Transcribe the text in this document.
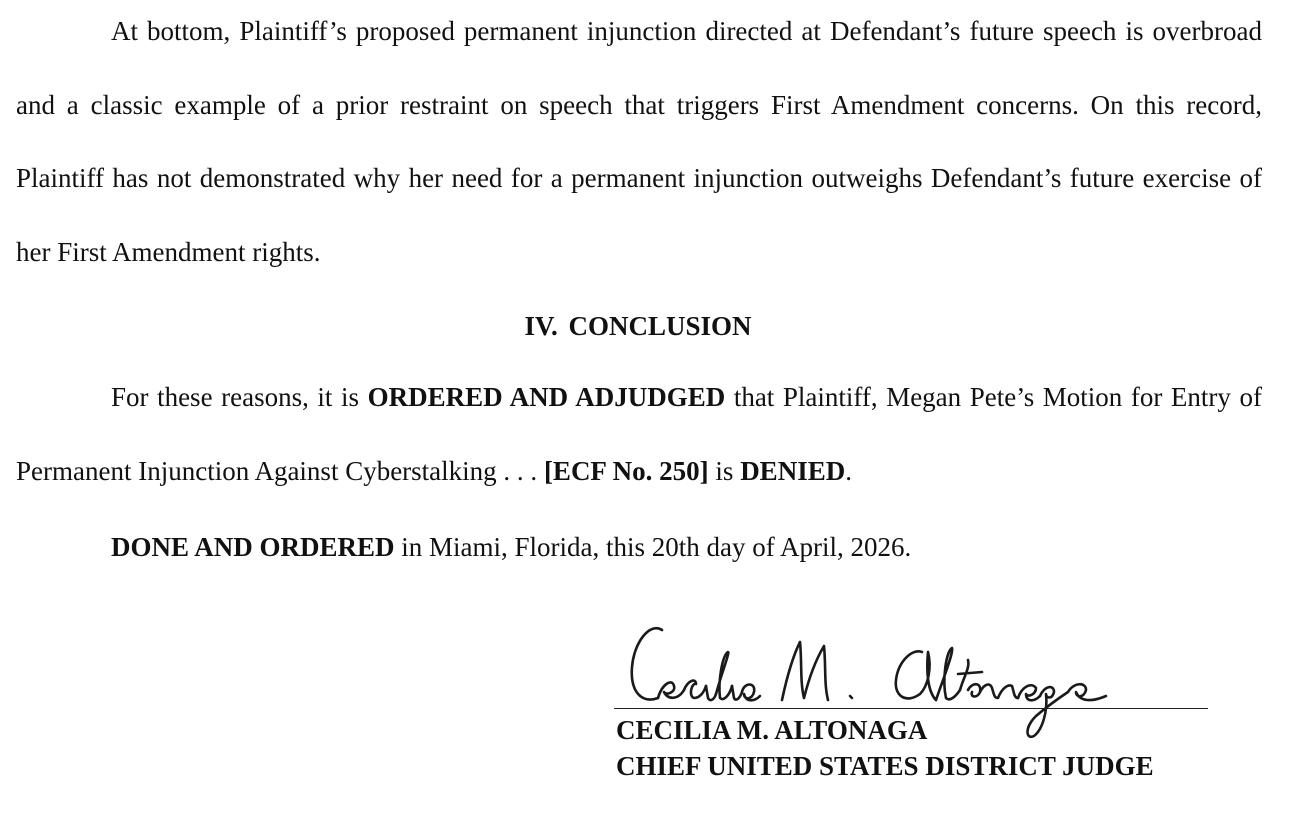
At bottom, Plaintiff’s proposed permanent injunction directed at Defendant’s future speech is overbroad and a classic example of a prior restraint on speech that triggers First Amendment concerns. On this record, Plaintiff has not demonstrated why her need for a permanent injunction outweighs Defendant’s future exercise of her First Amendment rights.

IV. CONCLUSION

For these reasons, it is ORDERED AND ADJUDGED that Plaintiff, Megan Pete’s Motion for Entry of Permanent Injunction Against Cyberstalking . . . [ECF No. 250] is DENIED.

DONE AND ORDERED in Miami, Florida, this 20th day of April, 2026.

CECILIA M. ALTONAGA

CHIEF UNITED STATES DISTRICT JUDGE
